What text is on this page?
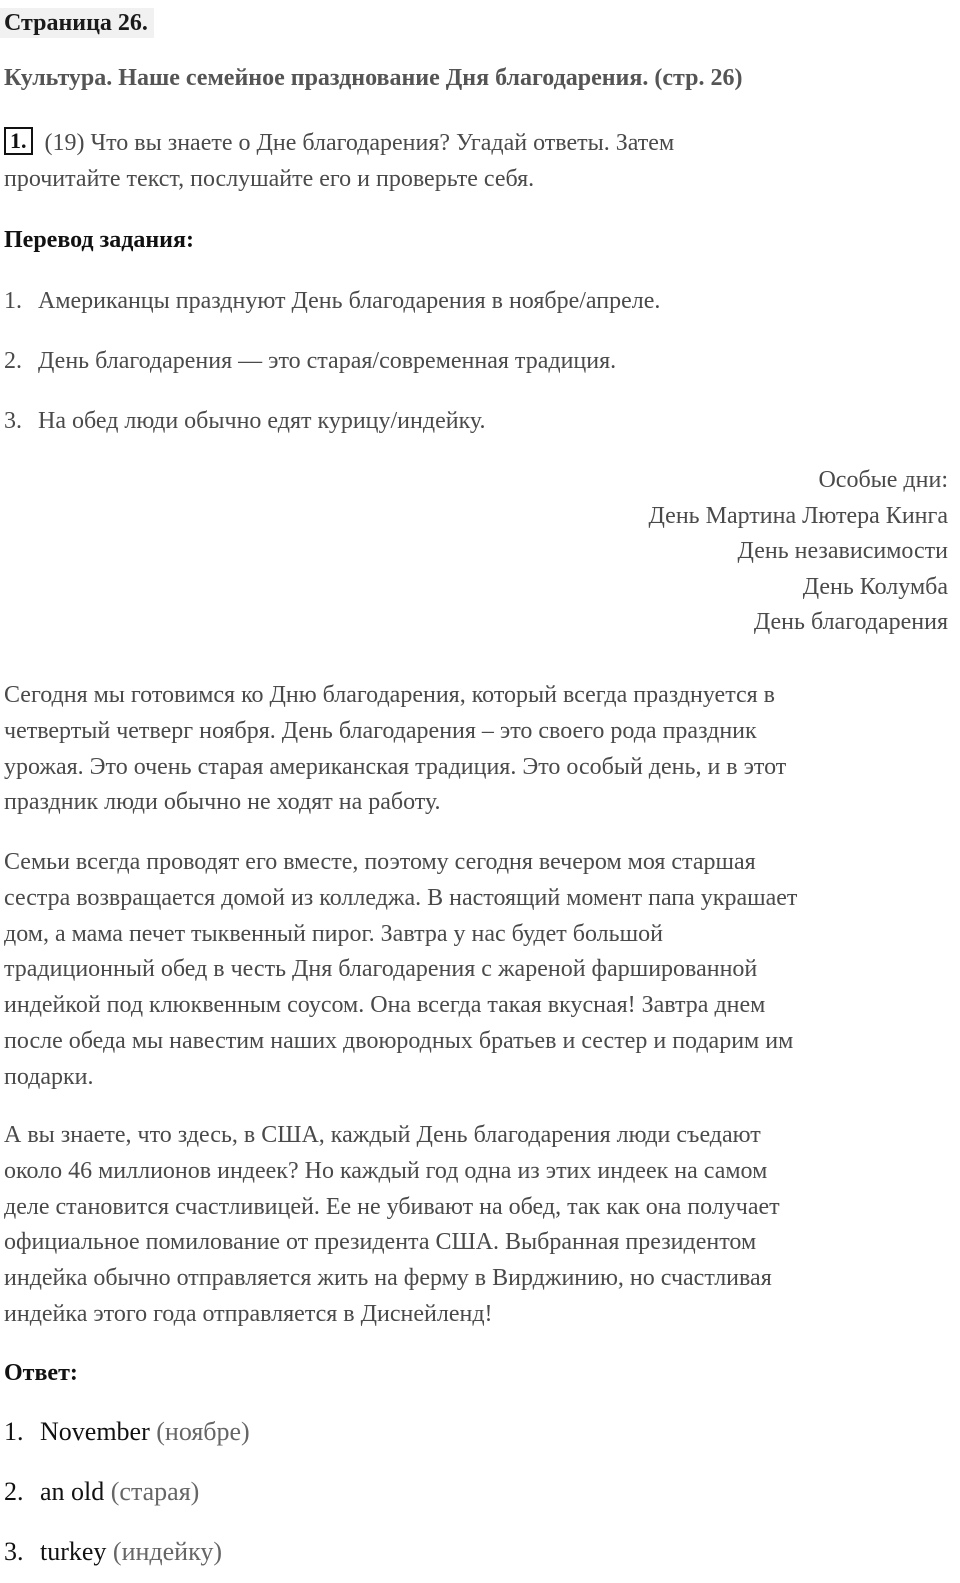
Страница 26.
Культура. Наше семейное празднование Дня благодарения. (стр. 26)
1. (19) Что вы знаете о Дне благодарения? Угадай ответы. Затем
прочитайте текст, послушайте его и проверьте себя.
Перевод задания:
1. Американцы празднуют День благодарения в ноябре/апреле.
2. День благодарения — это старая/современная традиция.
3. На обед люди обычно едят курицу/индейку.
Особые дни:
День Мартина Лютера Кинга
День независимости
День Колумба
День благодарения
Сегодня мы готовимся ко Дню благодарения, который всегда празднуется в
четвертый четверг ноября. День благодарения – это своего рода праздник
урожая. Это очень старая американская традиция. Это особый день, и в этот
праздник люди обычно не ходят на работу.
Семьи всегда проводят его вместе, поэтому сегодня вечером моя старшая
сестра возвращается домой из колледжа. В настоящий момент папа украшает
дом, а мама печет тыквенный пирог. Завтра у нас будет большой
традиционный обед в честь Дня благодарения с жареной фаршированной
индейкой под клюквенным соусом. Она всегда такая вкусная! Завтра днем
после обеда мы навестим наших двоюродных братьев и сестер и подарим им
подарки.
А вы знаете, что здесь, в США, каждый День благодарения люди съедают
около 46 миллионов индеек? Но каждый год одна из этих индеек на самом
деле становится счастливицей. Ее не убивают на обед, так как она получает
официальное помилование от президента США. Выбранная президентом
индейка обычно отправляется жить на ферму в Вирджинию, но счастливая
индейка этого года отправляется в Диснейленд!
Ответ:
1. November (ноябре)
2. an old (старая)
3. turkey (индейку)
